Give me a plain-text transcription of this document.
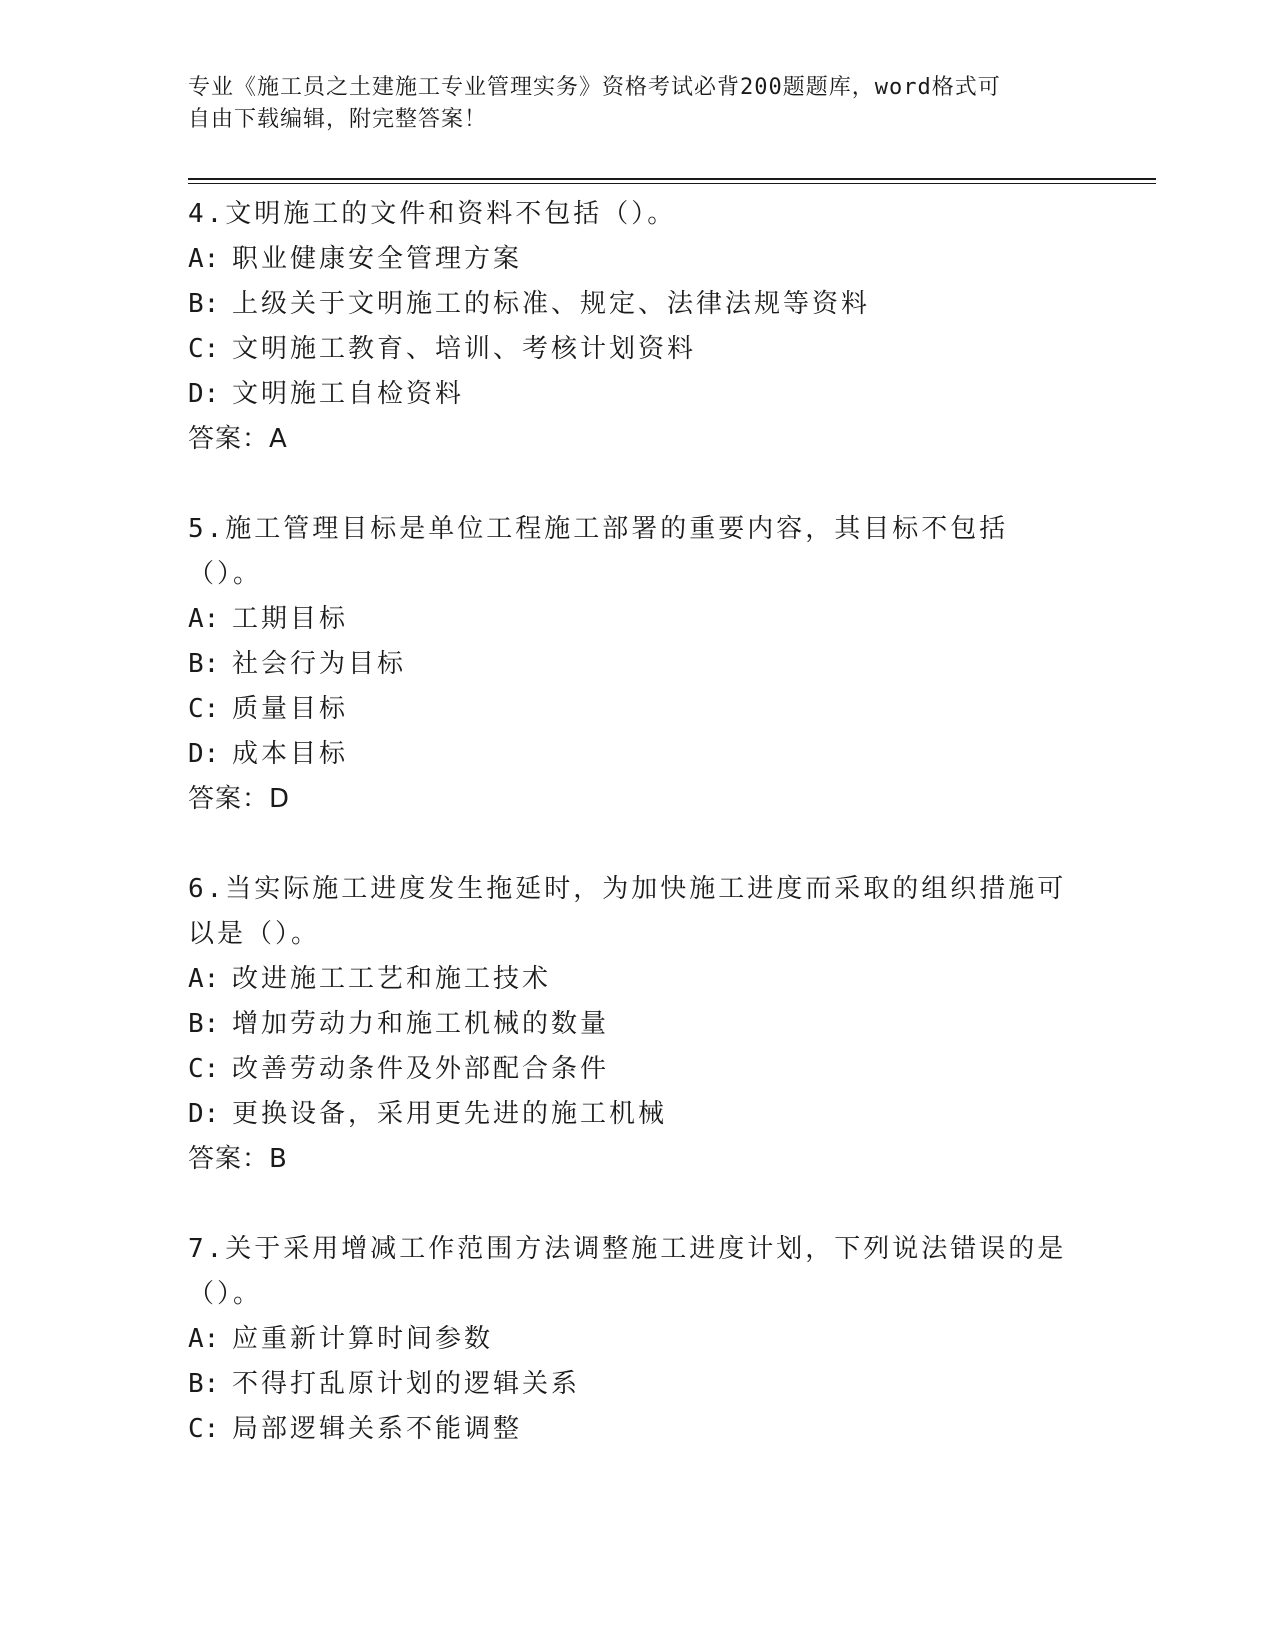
专业《施工员之土建施工专业管理实务》资格考试必背200题题库，word格式可
自由下载编辑，附完整答案！
4.文明施工的文件和资料不包括（）。
A: 职业健康安全管理方案
B: 上级关于文明施工的标准、规定、法律法规等资料
C: 文明施工教育、培训、考核计划资料
D: 文明施工自检资料
答案：A
5.施工管理目标是单位工程施工部署的重要内容，其目标不包括（）。
A: 工期目标
B: 社会行为目标
C: 质量目标
D: 成本目标
答案：D
6.当实际施工进度发生拖延时，为加快施工进度而采取的组织措施可以是（）。
A: 改进施工工艺和施工技术
B: 增加劳动力和施工机械的数量
C: 改善劳动条件及外部配合条件
D: 更换设备，采用更先进的施工机械
答案：B
7.关于采用增减工作范围方法调整施工进度计划，下列说法错误的是（）。
A: 应重新计算时间参数
B: 不得打乱原计划的逻辑关系
C: 局部逻辑关系不能调整
